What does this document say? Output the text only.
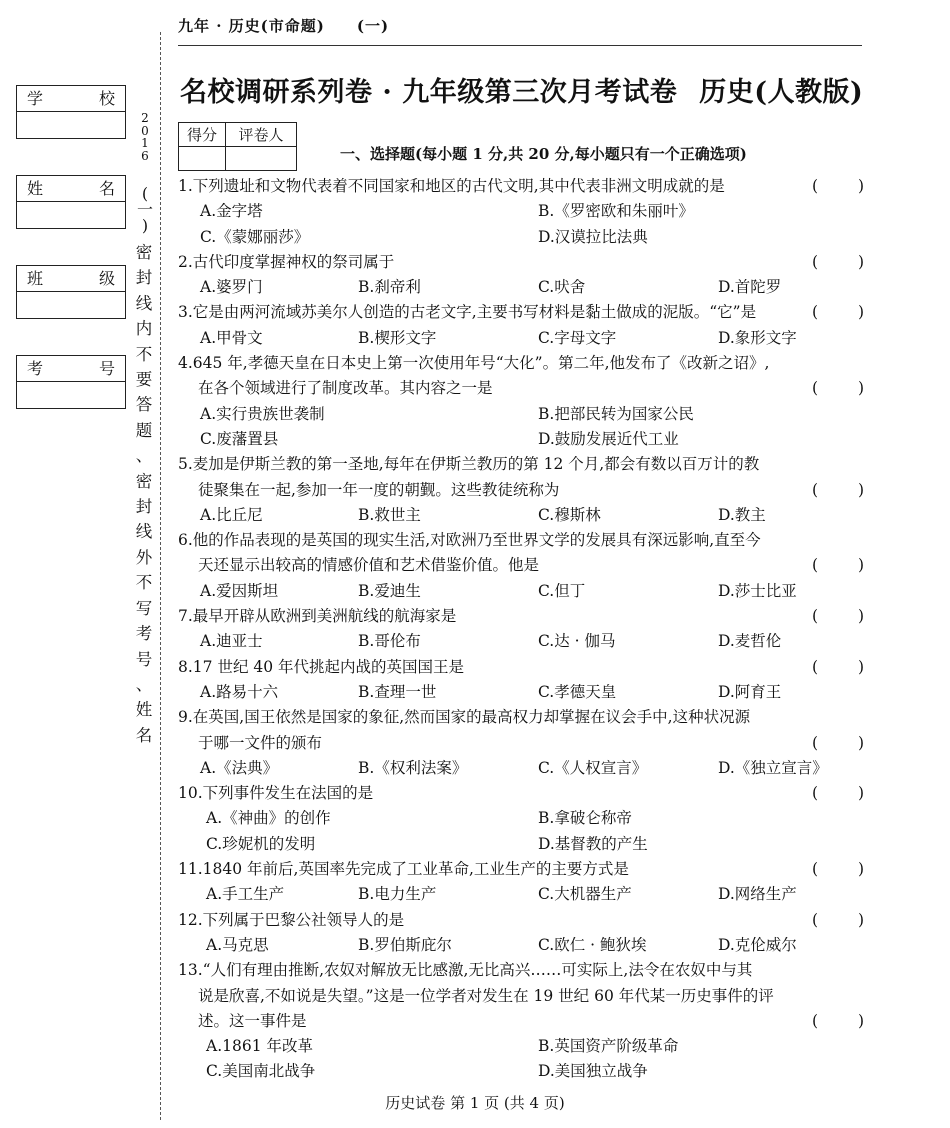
九年 · 历史(市命题) (一)
学	校
姓	名
班	级
考	号
2
0
1
6
(
一
)
密
封
线
内
不
要
答
题
、
密
封
线
外
不
写
考
号
、
姓
名
名校调研系列卷 · 九年级第三次月考试卷 历史(人教版)
得分	评卷人

一、选择题(每小题 1 分,共 20 分,每小题只有一个正确选项)
1.下列遗址和文物代表着不同国家和地区的古代文明,其中代表非洲文明成就的是	(	)
A.金字塔	B.《罗密欧和朱丽叶》
C.《蒙娜丽莎》	D.汉谟拉比法典
2.古代印度掌握神权的祭司属于	(	)
A.婆罗门	B.刹帝利	C.吠舍	D.首陀罗
3.它是由两河流域苏美尔人创造的古老文字,主要书写材料是黏土做成的泥版。“它”是	(	)
A.甲骨文	B.楔形文字	C.字母文字	D.象形文字
4.645 年,孝德天皇在日本史上第一次使用年号“大化”。第二年,他发布了《改新之诏》,
在各个领域进行了制度改革。其内容之一是	(	)
A.实行贵族世袭制	B.把部民转为国家公民
C.废藩置县	D.鼓励发展近代工业
5.麦加是伊斯兰教的第一圣地,每年在伊斯兰教历的第 12 个月,都会有数以百万计的教
徒聚集在一起,参加一年一度的朝觐。这些教徒统称为	(	)
A.比丘尼	B.救世主	C.穆斯林	D.教主
6.他的作品表现的是英国的现实生活,对欧洲乃至世界文学的发展具有深远影响,直至今
天还显示出较高的情感价值和艺术借鉴价值。他是	(	)
A.爱因斯坦	B.爱迪生	C.但丁	D.莎士比亚
7.最早开辟从欧洲到美洲航线的航海家是	(	)
A.迪亚士	B.哥伦布	C.达 · 伽马	D.麦哲伦
8.17 世纪 40 年代挑起内战的英国国王是	(	)
A.路易十六	B.查理一世	C.孝德天皇	D.阿育王
9.在英国,国王依然是国家的象征,然而国家的最高权力却掌握在议会手中,这种状况源
于哪一文件的颁布	(	)
A.《法典》	B.《权利法案》	C.《人权宣言》	D.《独立宣言》
10.下列事件发生在法国的是	(	)
A.《神曲》的创作	B.拿破仑称帝
C.珍妮机的发明	D.基督教的产生
11.1840 年前后,英国率先完成了工业革命,工业生产的主要方式是	(	)
A.手工生产	B.电力生产	C.大机器生产	D.网络生产
12.下列属于巴黎公社领导人的是	(	)
A.马克思	B.罗伯斯庇尔	C.欧仁 · 鲍狄埃	D.克伦威尔
13.“人们有理由推断,农奴对解放无比感激,无比高兴……可实际上,法令在农奴中与其
说是欣喜,不如说是失望。”这是一位学者对发生在 19 世纪 60 年代某一历史事件的评
述。这一事件是	(	)
A.1861 年改革	B.英国资产阶级革命
C.美国南北战争	D.美国独立战争
历史试卷 第 1 页 (共 4 页)
